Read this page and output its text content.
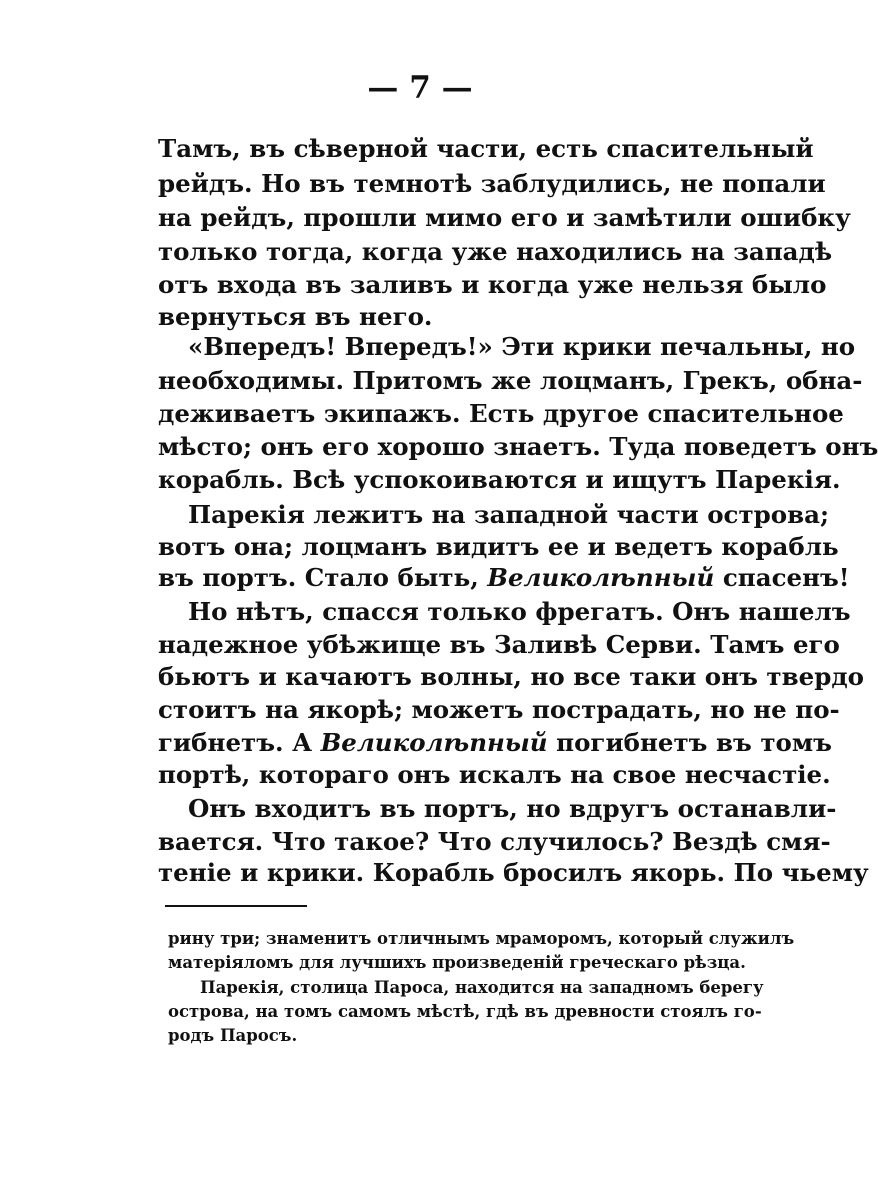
— 7 —
Тамъ, въ сѣверной части, есть спасительный
рейдъ. Но въ темнотѣ заблудились, не попали
на рейдъ, прошли мимо его и замѣтили ошибку
только тогда, когда уже находились на западѣ
отъ входа въ заливъ и когда уже нельзя было
вернуться въ него.
«Впередъ! Впередъ!» Эти крики печальны, но
необходимы. Притомъ же лоцманъ, Грекъ, обна-
деживаетъ экипажъ. Есть другое спасительное
мѣсто; онъ его хорошо знаетъ. Туда поведетъ онъ
корабль. Всѣ успокоиваются и ищутъ Парекія.
Парекія лежитъ на западной части острова;
вотъ она; лоцманъ видитъ ее и ведетъ корабль
въ портъ. Стало быть, Великолѣпный спасенъ!
Но нѣтъ, спасся только фрегатъ. Онъ нашелъ
надежное убѣжище въ Заливѣ Серви. Тамъ его
бьютъ и качаютъ волны, но все таки онъ твердо
стоитъ на якорѣ; можетъ пострадать, но не по-
гибнетъ. А Великолѣпный погибнетъ въ томъ
портѣ, котораго онъ искалъ на свое несчастіе.
Онъ входитъ въ портъ, но вдругъ останавли-
вается. Что такое? Что случилось? Вездѣ смя-
теніе и крики. Корабль бросилъ якорь. По чьему
рину три; знаменитъ отличнымъ мраморомъ, который служилъ
матеріяломъ для лучшихъ произведеній греческаго рѣзца.
Парекія, столица Пароса, находится на западномъ берегу
острова, на томъ самомъ мѣстѣ, гдѣ въ древности стоялъ го-
родъ Паросъ.
